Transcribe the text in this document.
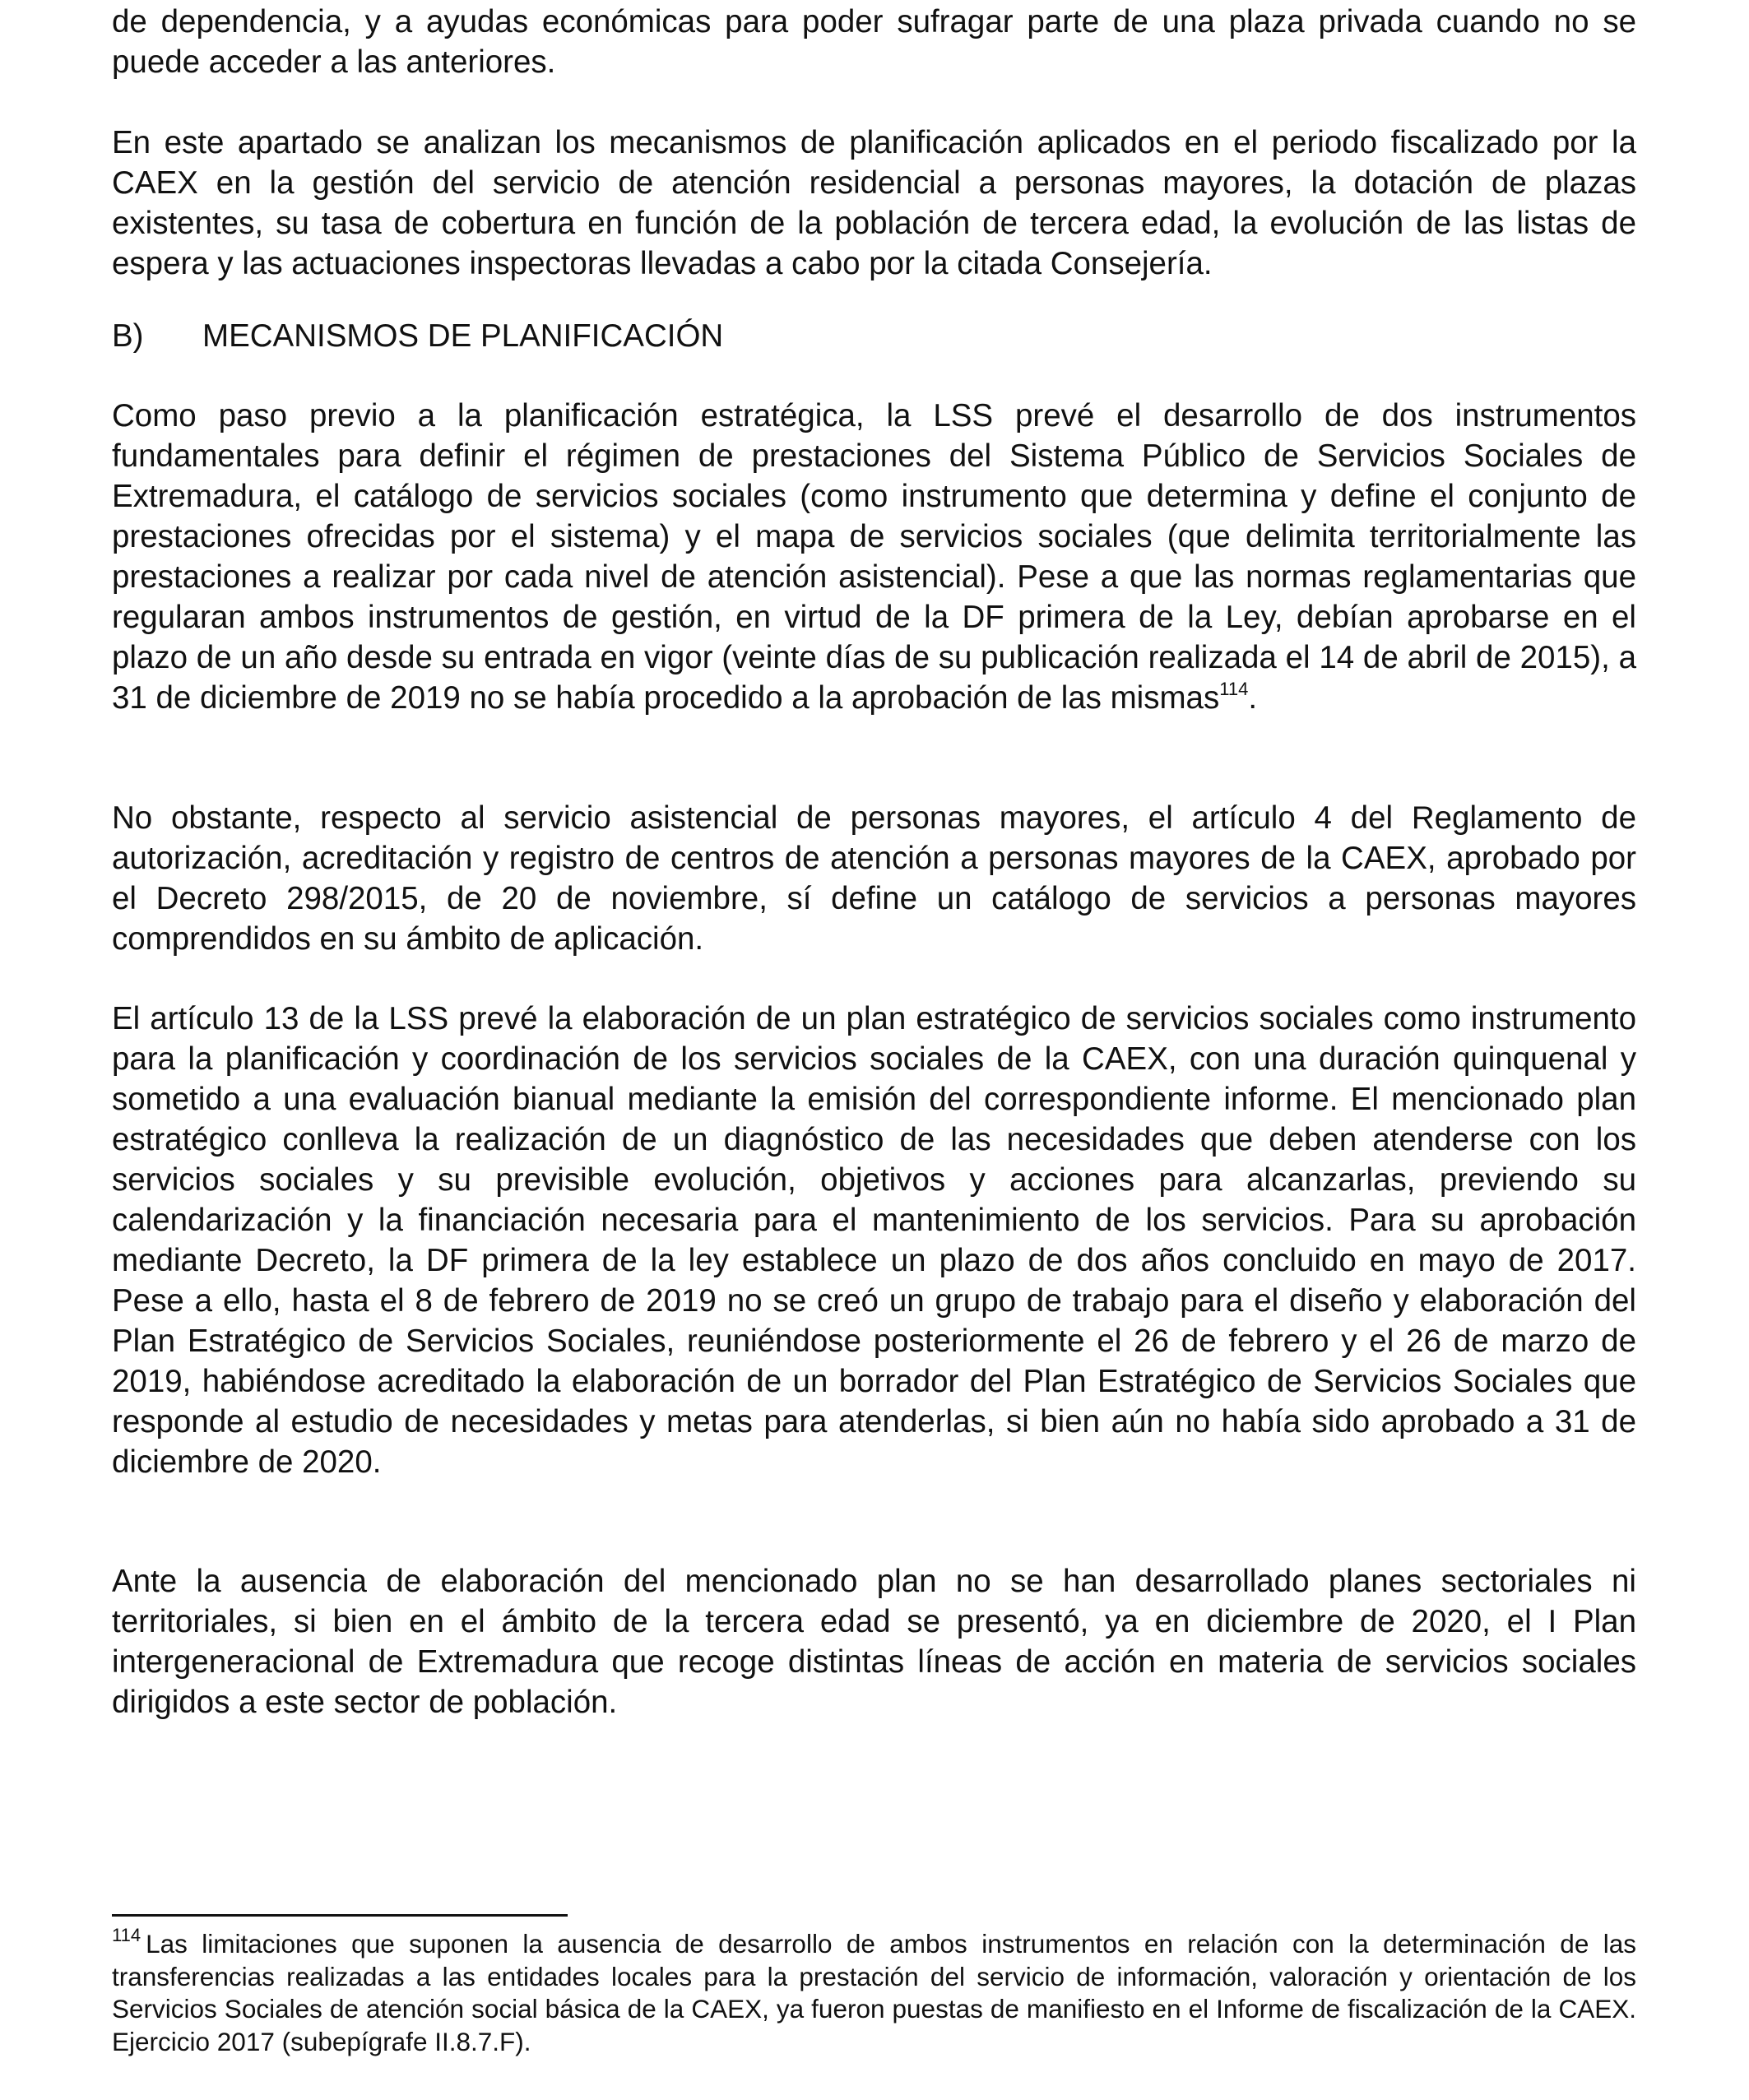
de dependencia, y a ayudas económicas para poder sufragar parte de una plaza privada cuando no se puede acceder a las anteriores.

En este apartado se analizan los mecanismos de planificación aplicados en el periodo fiscalizado por la CAEX en la gestión del servicio de atención residencial a personas mayores, la dotación de plazas existentes, su tasa de cobertura en función de la población de tercera edad, la evolución de las listas de espera y las actuaciones inspectoras llevadas a cabo por la citada Consejería.

B) MECANISMOS DE PLANIFICACIÓN

Como paso previo a la planificación estratégica, la LSS prevé el desarrollo de dos instrumentos fundamentales para definir el régimen de prestaciones del Sistema Público de Servicios Sociales de Extremadura, el catálogo de servicios sociales (como instrumento que determina y define el conjunto de prestaciones ofrecidas por el sistema) y el mapa de servicios sociales (que delimita territorialmente las prestaciones a realizar por cada nivel de atención asistencial). Pese a que las normas reglamentarias que regularan ambos instrumentos de gestión, en virtud de la DF primera de la Ley, debían aprobarse en el plazo de un año desde su entrada en vigor (veinte días de su publicación realizada el 14 de abril de 2015), a 31 de diciembre de 2019 no se había procedido a la aprobación de las mismas$^{114}$.

No obstante, respecto al servicio asistencial de personas mayores, el artículo 4 del Reglamento de autorización, acreditación y registro de centros de atención a personas mayores de la CAEX, aprobado por el Decreto 298/2015, de 20 de noviembre, sí define un catálogo de servicios a personas mayores comprendidos en su ámbito de aplicación.

El artículo 13 de la LSS prevé la elaboración de un plan estratégico de servicios sociales como instrumento para la planificación y coordinación de los servicios sociales de la CAEX, con una duración quinquenal y sometido a una evaluación bianual mediante la emisión del correspondiente informe. El mencionado plan estratégico conlleva la realización de un diagnóstico de las necesidades que deben atenderse con los servicios sociales y su previsible evolución, objetivos y acciones para alcanzarlas, previendo su calendarización y la financiación necesaria para el mantenimiento de los servicios. Para su aprobación mediante Decreto, la DF primera de la ley establece un plazo de dos años concluido en mayo de 2017. Pese a ello, hasta el 8 de febrero de 2019 no se creó un grupo de trabajo para el diseño y elaboración del Plan Estratégico de Servicios Sociales, reuniéndose posteriormente el 26 de febrero y el 26 de marzo de 2019, habiéndose acreditado la elaboración de un borrador del Plan Estratégico de Servicios Sociales que responde al estudio de necesidades y metas para atenderlas, si bien aún no había sido aprobado a 31 de diciembre de 2020.

Ante la ausencia de elaboración del mencionado plan no se han desarrollado planes sectoriales ni territoriales, si bien en el ámbito de la tercera edad se presentó, ya en diciembre de 2020, el I Plan intergeneracional de Extremadura que recoge distintas líneas de acción en materia de servicios sociales dirigidos a este sector de población.

$^{114}$ Las limitaciones que suponen la ausencia de desarrollo de ambos instrumentos en relación con la determinación de las transferencias realizadas a las entidades locales para la prestación del servicio de información, valoración y orientación de los Servicios Sociales de atención social básica de la CAEX, ya fueron puestas de manifiesto en el Informe de fiscalización de la CAEX. Ejercicio 2017 (subepígrafe II.8.7.F).
